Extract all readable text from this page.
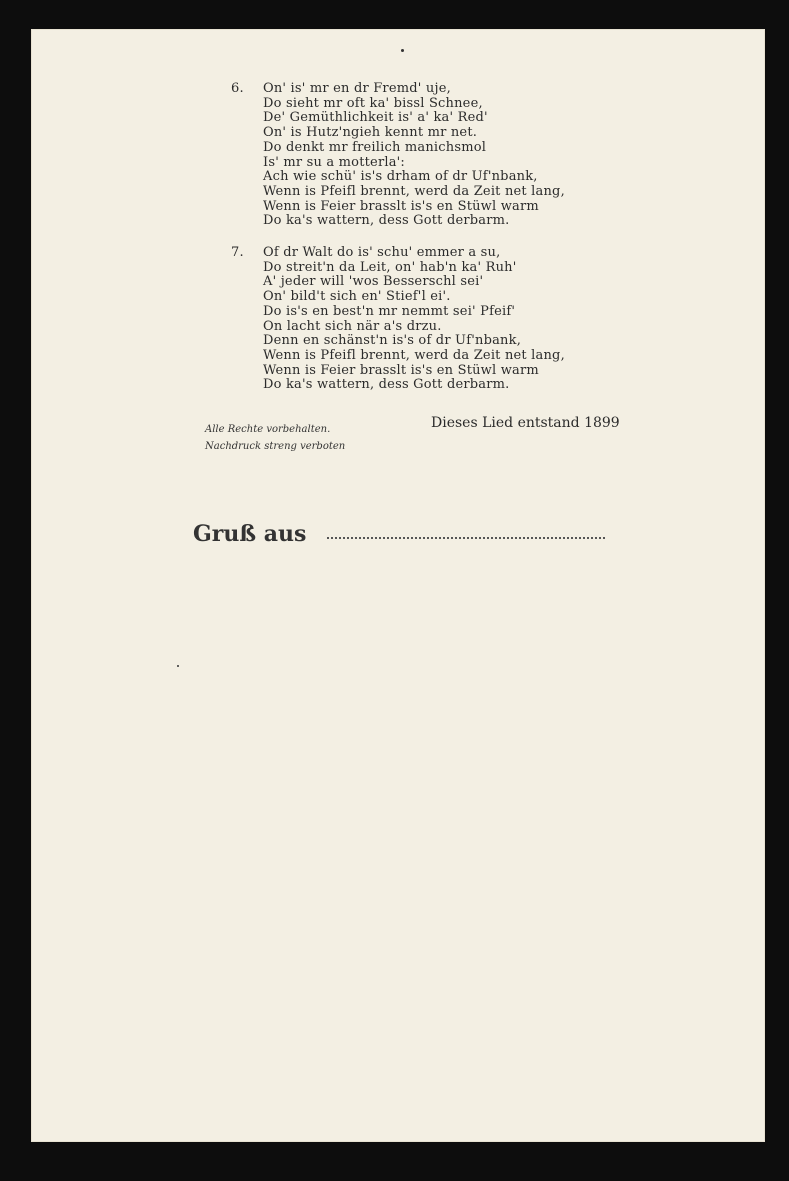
6.	On' is' mr en dr Fremd' uje,
Do sieht mr oft ka' bissl Schnee,
De' Gemüthlichkeit is' a' ka' Red'
On' is Hutz'ngieh kennt mr net.
Do denkt mr freilich manichsmol
Is' mr su a motterla':
Ach wie schü' is's drham of dr Uf'nbank,
Wenn is Pfeifl brennt, werd da Zeit net lang,
Wenn is Feier brasslt is's en Stüwl warm
Do ka's wattern, dess Gott derbarm.
7.	Of dr Walt do is' schu' emmer a su,
Do streit'n da Leit, on' hab'n ka' Ruh'
A' jeder will 'wos Besserschl sei'
On' bild't sich en' Stief'l ei'.
Do is's en best'n mr nemmt sei' Pfeif'
On lacht sich när a's drzu.
Denn en schänst'n is's of dr Uf'nbank,
Wenn is Pfeifl brennt, werd da Zeit net lang,
Wenn is Feier brasslt is's en Stüwl warm
Do ka's wattern, dess Gott derbarm.
Alle Rechte vorbehalten.
Nachdruck streng verboten
Dieses Lied entstand 1899
Gruß aus
